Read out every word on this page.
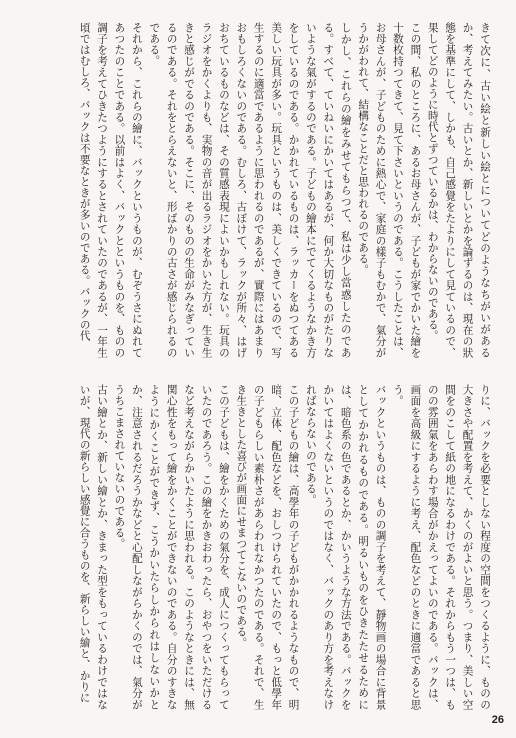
きて次に、古い絵と新しい絵とについてどのようなちがいがあるか、考えてみたい。古いとか、新しいとかを論ずるのは、現在の狀態を基準にして、しかも、自己感覺をたよりにして見ているので、果してどのように時代とずつているかは、わからないのである。

この間、私のところに、あるお母さんが、子どもが家でかいた繪を十数枚持つてきて、見て下さいというのである。こうしたことは、お母さんが、子どものために熱心で、家庭の樣子もむかで、氣分がうかがわれて、結構なことだと思われるのである。

しかし、これらの繪をみせてもらつて、私は少し當惑したのである。すべて、ていねいにかいてはあるが、何か大切なものがたりないような氣がするのである。子どもの繪本にでてくるようなかき方をしているのである。かかれているものは、ラッカーをぬつてある美しい玩具が多い。玩具というものは、美しくできているので、写生するのに適當であるように思われるのであるが、實際にはあまりおもしろくないのである。むしろ、古ぼけて、ラックが所々、はげおちているものなどは、その質感表現によいかもしれない。玩具のラジオをかくよりも、実物の音が出るラジオをかいた方が、生き生きと感じがでるのである。そこに、そのものの生命がみなぎっているのである。それをとらえないと、形ばかりの古さが感じられるのである。

それから、これらの繪に、バックというものが、むぞうさにぬれてあつたのことである。以前はよく、バックとというものを、ものの調子を考えてひきたつようにするとされていたのであるが、一年生頃ではむしろ、バックは不要なときが多いのである。バックの代

りに、バックを必要としない程度の空間をつくるように、ものの大きさや配置を考えて、かくのがよいと思う。つまり、美しい空間をのこして紙の地になるわけである。それからもう一つは、ものの雰囲氣をあらわす場合がかえってよいのである。バックは、画面を高級にするように考え、配色などのときに適當であると思う。

バックというものは、ものの調子を考えて、靜物画の場合に背景としてかかれるものである。明るいものをひきたたせるためには、暗色系の色であるとか、かいうような方法である。バックをかいてはよくないというのではなく、バックのあり方を考えなければならないのである。

この子どもの繪は、高學年の子どもがかかれるようなもので、明暗、立体、配色などを、おしつけられていたので、もっと低學年の子どもらしい素朴さがあらわれなかつたのである。それで、生き生きとした喜びが画面にせまつてこないのである。

この子どもは、繪をかくための氣分を、成人につくってもらっていたのであろう。この繪をかきおわったら、おやつをいただけるなど考えながらかいたように思われる。このようなときには、無関心性をもって繪をかくことができないのである。自分のすきなようにかくことができず、こうかいたらしかられはしないかとか、注意されるだろうかなどと心配しながらかくのでは、氣分がうちこまされていないのである。

古い繪とか、新しい繪とか、きまった型をもっているわけではないが、現代の新らしい感覺に合うものを、新らしい繪と、かりに

26
